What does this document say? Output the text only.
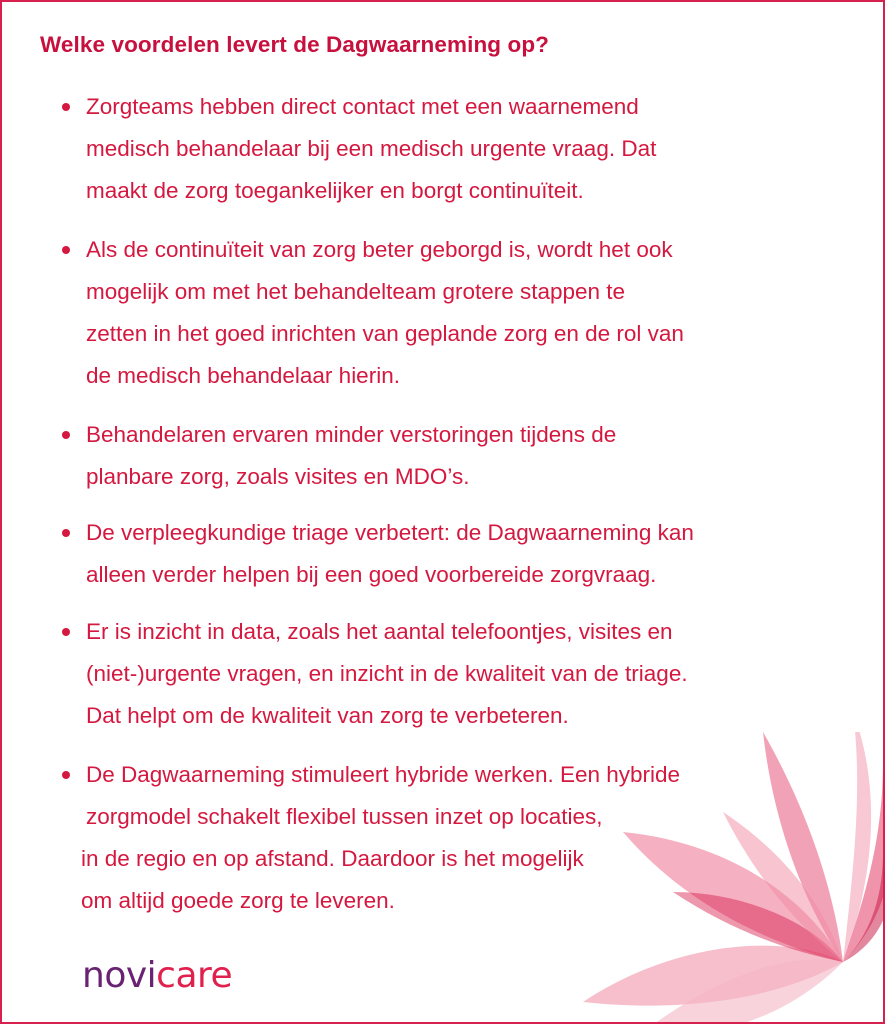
Welke voordelen levert de Dagwaarneming op?
Zorgteams hebben direct contact met een waarnemend
medisch behandelaar bij een medisch urgente vraag. Dat
maakt de zorg toegankelijker en borgt continuïteit.
Als de continuïteit van zorg beter geborgd is, wordt het ook
mogelijk om met het behandelteam grotere stappen te
zetten in het goed inrichten van geplande zorg en de rol van
de medisch behandelaar hierin.
Behandelaren ervaren minder verstoringen tijdens de
planbare zorg, zoals visites en MDO’s.
De verpleegkundige triage verbetert: de Dagwaarneming kan
alleen verder helpen bij een goed voorbereide zorgvraag.
Er is inzicht in data, zoals het aantal telefoontjes, visites en
(niet-)urgente vragen, en inzicht in de kwaliteit van de triage.
Dat helpt om de kwaliteit van zorg te verbeteren.
De Dagwaarneming stimuleert hybride werken. Een hybride
zorgmodel schakelt flexibel tussen inzet op locaties,
in de regio en op afstand. Daardoor is het mogelijk
om altijd goede zorg te leveren.
novicare
